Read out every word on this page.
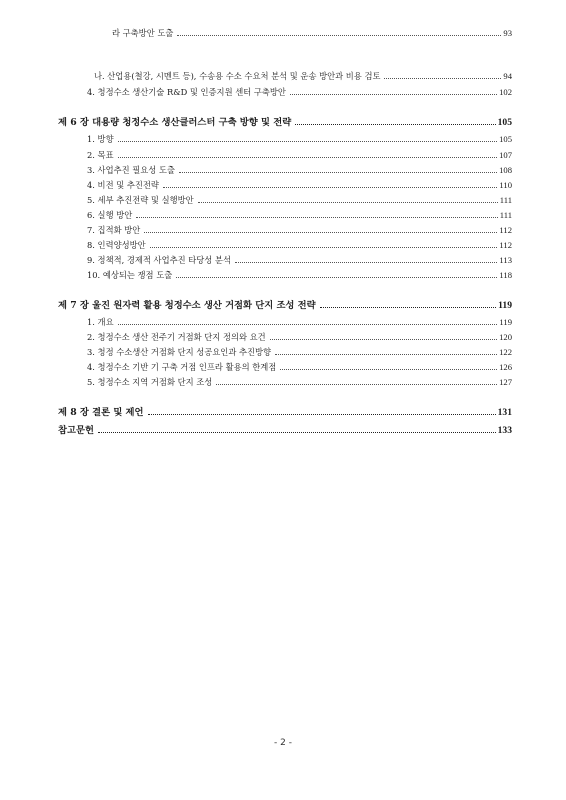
라 구축방안 도출	93
나. 산업용(철강, 시멘트 등), 수송용 수소 수요처 분석 및 운송 방안과 비용 검토	94
4. 청정수소 생산기술 R&D 및 인증지원 센터 구축방안	102
제 6 장 대용량 청정수소 생산클러스터 구축 방향 및 전략	105
1. 방향	105
2. 목표	107
3. 사업추진 필요성 도출	108
4. 비전 및 추진전략	110
5. 세부 추진전략 및 실행방안	111
6. 실행 방안	111
7. 집적화 방안	112
8. 인력양성방안	112
9. 정책적, 경제적 사업추진 타당성 분석	113
10. 예상되는 쟁점 도출	118
제 7 장 울진 원자력 활용 청정수소 생산 거점화 단지 조성 전략	119
1. 개요	119
2. 청정수소 생산 전주기 거점화 단지 정의와 요건	120
3. 청정 수소생산 거점화 단지 성공요인과 추진방향	122
4. 청정수소 기반 기 구축 거점 인프라 활용의 한계점	126
5. 청정수소 지역 거점화 단지 조성	127
제 8 장 결론 및 제언	131
참고문헌	133
- 2 -
